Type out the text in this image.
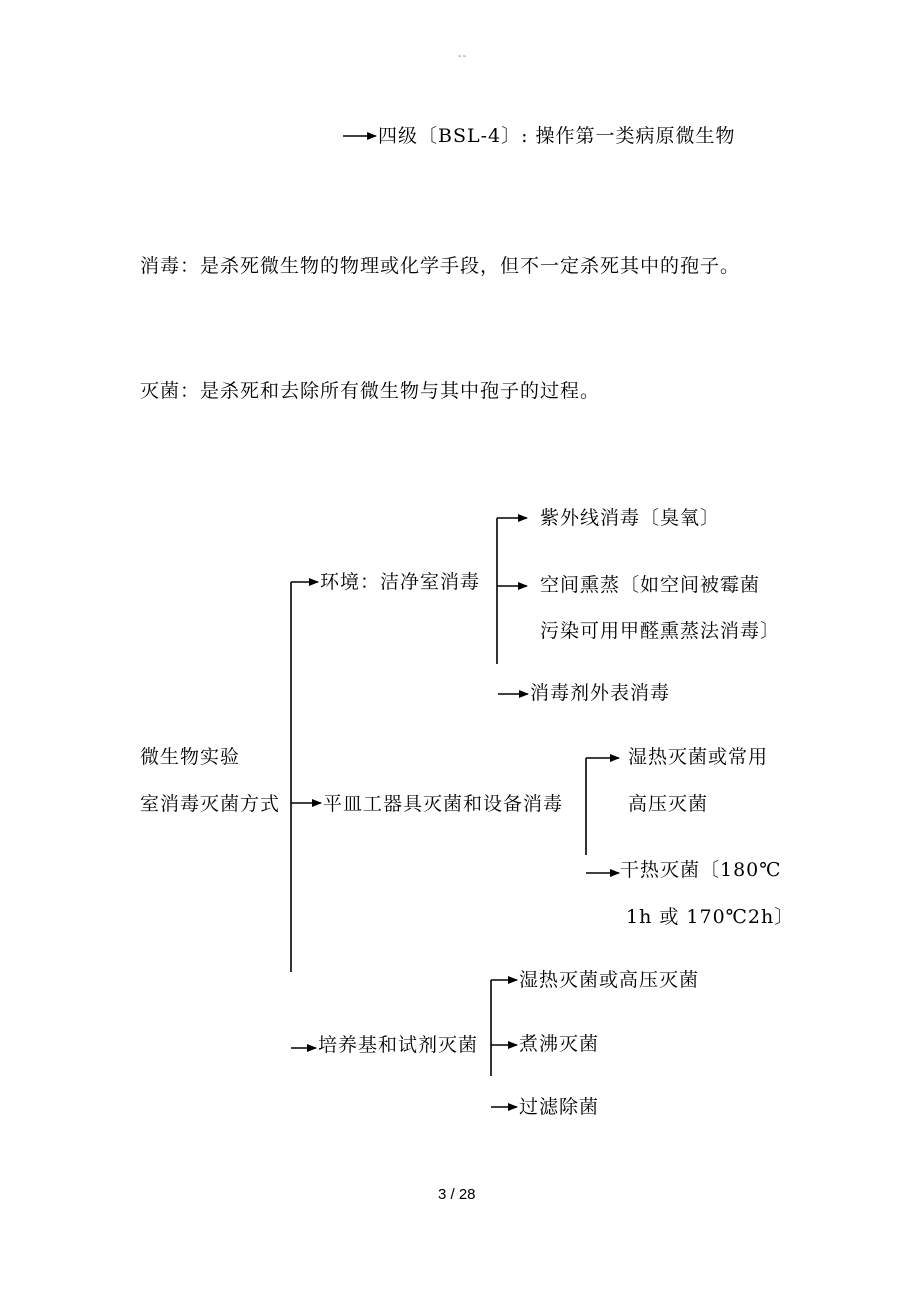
--
四级〔BSL-4〕: 操作第一类病原微生物
消毒：是杀死微生物的物理或化学手段，但不一定杀死其中的孢子。
灭菌：是杀死和去除所有微生物与其中孢子的过程。
微生物实验
室消毒灭菌方式
环境：洁净室消毒
紫外线消毒〔臭氧〕
空间熏蒸〔如空间被霉菌
污染可用甲醛熏蒸法消毒〕
消毒剂外表消毒
平皿工器具灭菌和设备消毒
湿热灭菌或常用
高压灭菌
干热灭菌〔180℃
1h 或 170℃2h〕
培养基和试剂灭菌
湿热灭菌或高压灭菌
煮沸灭菌
过滤除菌
3 / 28
